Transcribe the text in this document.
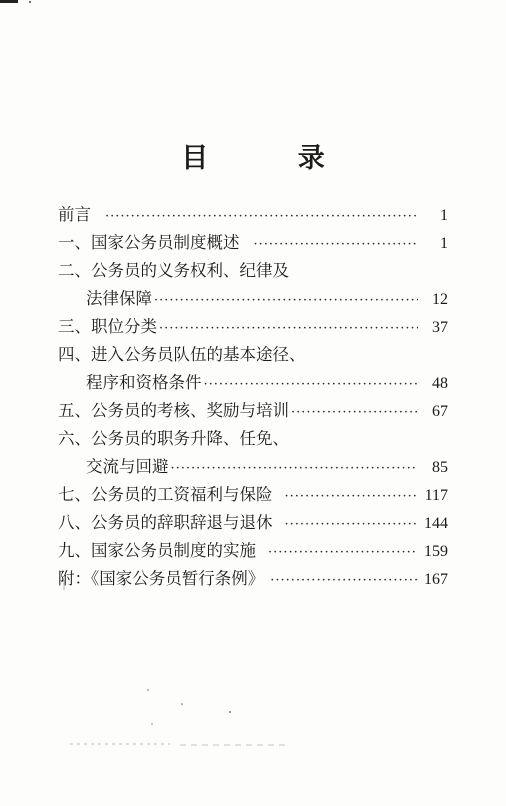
目 录
前言 ·····	1
一、国家公务员制度概述 ·····	1
二、公务员的义务权利、纪律及
法律保障 ·····	12
三、职位分类 ·····	37
四、进入公务员队伍的基本途径、
程序和资格条件 ·····	48
五、公务员的考核、奖励与培训 ·····	67
六、公务员的职务升降、任免、
交流与回避 ·····	85
七、公务员的工资福利与保险 ·····	117
八、公务员的辞职辞退与退休 ·····	144
九、国家公务员制度的实施 ·····	159
附：《国家公务员暂行条例》 ·····	167
